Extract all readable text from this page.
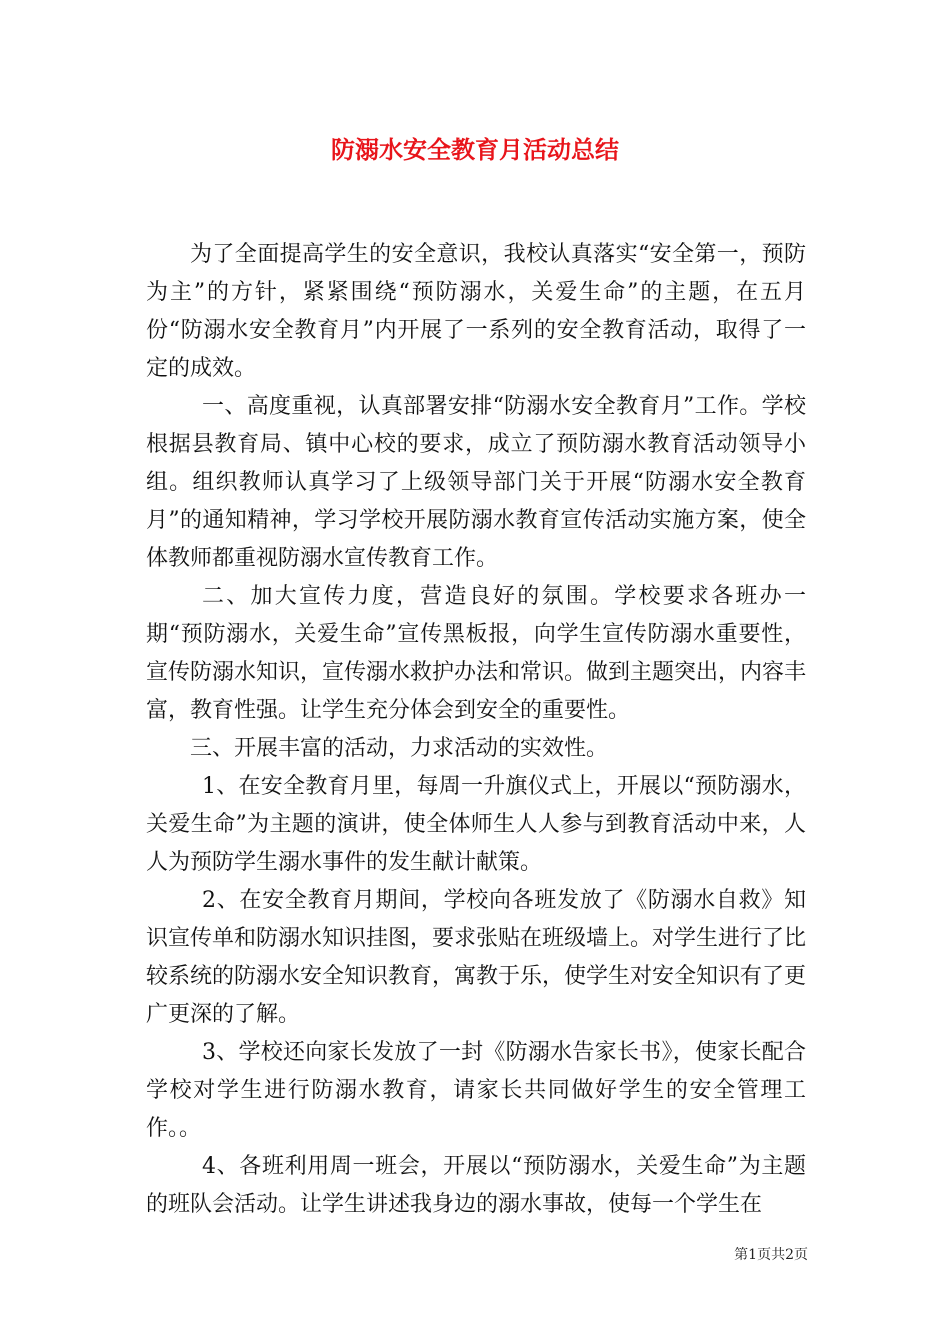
防溺水安全教育月活动总结

为了全面提高学生的安全意识，我校认真落实“安全第一，预防为主”的方针，紧紧围绕“预防溺水，关爱生命”的主题，在五月份“防溺水安全教育月”内开展了一系列的安全教育活动，取得了一定的成效。

一、高度重视，认真部署安排“防溺水安全教育月”工作。学校根据县教育局、镇中心校的要求，成立了预防溺水教育活动领导小组。组织教师认真学习了上级领导部门关于开展“防溺水安全教育月”的通知精神，学习学校开展防溺水教育宣传活动实施方案，使全体教师都重视防溺水宣传教育工作。

二、加大宣传力度，营造良好的氛围。学校要求各班办一期“预防溺水，关爱生命”宣传黑板报，向学生宣传防溺水重要性，宣传防溺水知识，宣传溺水救护办法和常识。做到主题突出，内容丰富，教育性强。让学生充分体会到安全的重要性。

三、开展丰富的活动，力求活动的实效性。

1、在安全教育月里，每周一升旗仪式上，开展以“预防溺水，关爱生命”为主题的演讲，使全体师生人人参与到教育活动中来，人人为预防学生溺水事件的发生献计献策。

2、在安全教育月期间，学校向各班发放了《防溺水自救》知识宣传单和防溺水知识挂图，要求张贴在班级墙上。对学生进行了比较系统的防溺水安全知识教育，寓教于乐，使学生对安全知识有了更广更深的了解。

3、学校还向家长发放了一封《防溺水告家长书》，使家长配合学校对学生进行防溺水教育，请家长共同做好学生的安全管理工作。。

4、各班利用周一班会，开展以“预防溺水，关爱生命”为主题的班队会活动。让学生讲述我身边的溺水事故，使每一个学生在

第1页共2页
